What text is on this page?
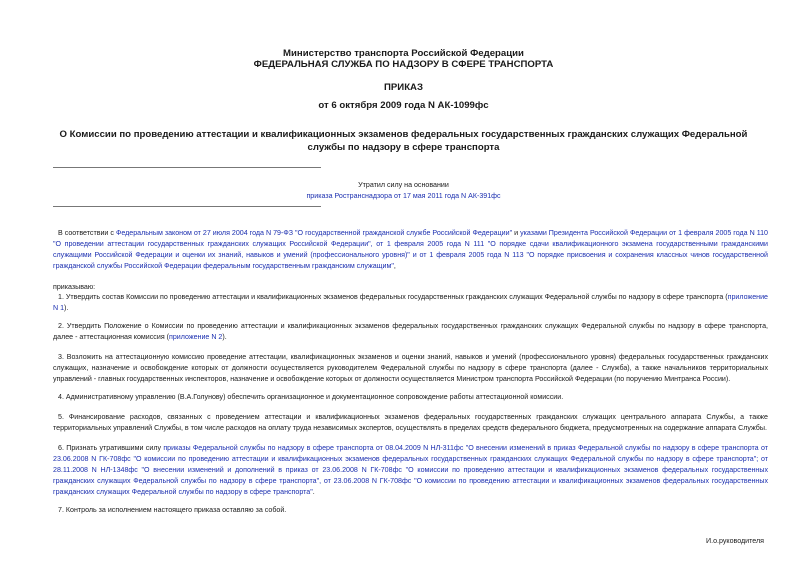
Министерство транспорта Российской Федерации
ФЕДЕРАЛЬНАЯ СЛУЖБА ПО НАДЗОРУ В СФЕРЕ ТРАНСПОРТА
ПРИКАЗ
от 6 октября 2009 года N АК-1099фс
О Комиссии по проведению аттестации и квалификационных экзаменов федеральных государственных гражданских служащих Федеральной службы по надзору в сфере транспорта
Утратил силу на основании
приказа Ространснадзора от 17 мая 2011 года N АК-391фс
В соответствии с Федеральным законом от 27 июля 2004 года N 79-ФЗ "О государственной гражданской службе Российской Федерации" и указами Президента Российской Федерации от 1 февраля 2005 года N 110 "О проведении аттестации государственных гражданских служащих Российской Федерации", от 1 февраля 2005 года N 111 "О порядке сдачи квалификационного экзамена государственными гражданскими служащими Российской Федерации и оценки их знаний, навыков и умений (профессионального уровня)" и от 1 февраля 2005 года N 113 "О порядке присвоения и сохранения классных чинов государственной гражданской службы Российской Федерации федеральным государственным гражданским служащим",
приказываю:
1. Утвердить состав Комиссии по проведению аттестации и квалификационных экзаменов федеральных государственных гражданских служащих Федеральной службы по надзору в сфере транспорта (приложение N 1).
2. Утвердить Положение о Комиссии по проведению аттестации и квалификационных экзаменов федеральных государственных гражданских служащих Федеральной службы по надзору в сфере транспорта, далее - аттестационная комиссия (приложение N 2).
3. Возложить на аттестационную комиссию проведение аттестации, квалификационных экзаменов и оценки знаний, навыков и умений (профессионального уровня) федеральных государственных гражданских служащих, назначение и освобождение которых от должности осуществляется руководителем Федеральной службы по надзору в сфере транспорта (далее - Служба), а также начальников территориальных управлений - главных государственных инспекторов, назначение и освобождение которых от должности осуществляется Министром транспорта Российской Федерации (по поручению Минтранса России).
4. Административному управлению (В.А.Голунову) обеспечить организационное и документационное сопровождение работы аттестационной комиссии.
5. Финансирование расходов, связанных с проведением аттестации и квалификационных экзаменов федеральных государственных гражданских служащих центрального аппарата Службы, а также территориальных управлений Службы, в том числе расходов на оплату труда независимых экспертов, осуществлять в пределах средств федерального бюджета, предусмотренных на содержание аппарата Службы.
6. Признать утратившими силу приказы Федеральной службы по надзору в сфере транспорта от 08.04.2009 N НЛ-311фс "О внесении изменений в приказ Федеральной службы по надзору в сфере транспорта от 23.06.2008 N ГК-708фс "О комиссии по проведению аттестации и квалификационных экзаменов федеральных государственных гражданских служащих Федеральной службы по надзору в сфере транспорта"; от 28.11.2008 N НЛ-1348фс "О внесении изменений и дополнений в приказ от 23.06.2008 N ГК-708фс "О комиссии по проведению аттестации и квалификационных экзаменов федеральных государственных гражданских служащих Федеральной службы по надзору в сфере транспорта", от 23.06.2008 N ГК-708фс "О комиссии по проведению аттестации и квалификационных экзаменов федеральных государственных гражданских служащих Федеральной службы по надзору в сфере транспорта".
7. Контроль за исполнением настоящего приказа оставляю за собой.
И.о.руководителя
